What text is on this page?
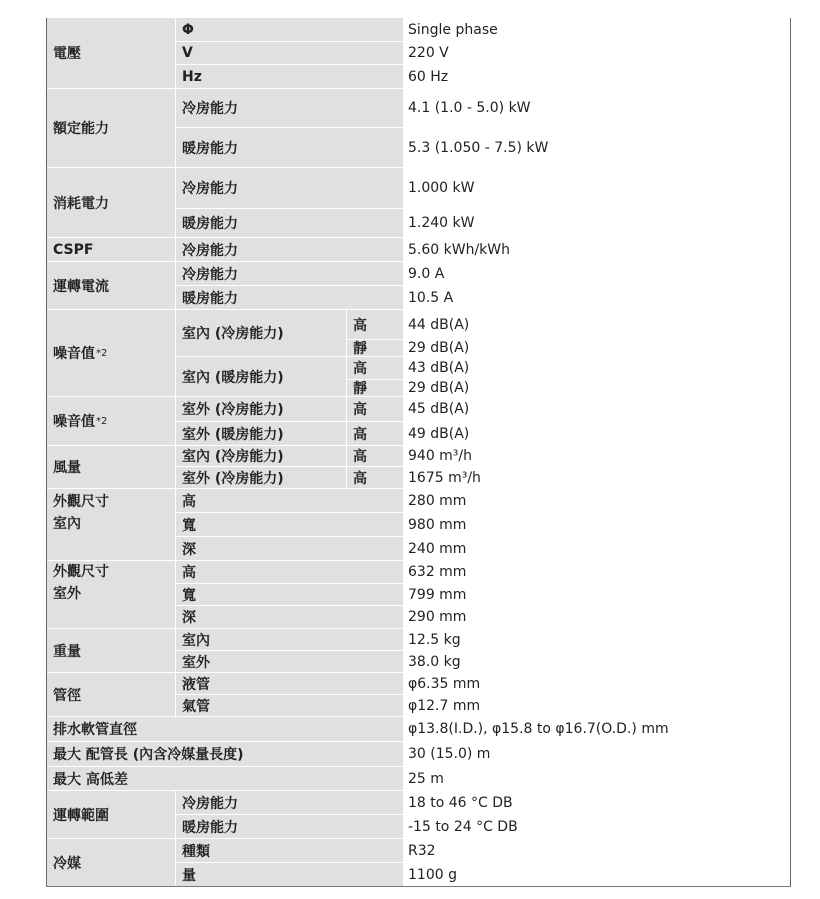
電壓
Φ	Single phase
V	220 V
Hz	60 Hz
額定能力
冷房能力	4.1 (1.0 - 5.0) kW
暖房能力	5.3 (1.050 - 7.5) kW
消耗電力
冷房能力	1.000 kW
暖房能力	1.240 kW
CSPF	冷房能力	5.60 kWh/kWh
運轉電流
冷房能力	9.0 A
暖房能力	10.5 A
噪音值 *2
室內 (冷房能力)
高	44 dB(A)
靜	29 dB(A)
室內 (暖房能力)
高	43 dB(A)
靜	29 dB(A)
噪音值 *2
室外 (冷房能力)	高	45 dB(A)
室外 (暖房能力)	高	49 dB(A)
風量
室內 (冷房能力)	高	940 m³/h
室外 (冷房能力)	高	1675 m³/h
外觀尺寸
室內
高	280 mm
寬	980 mm
深	240 mm
外觀尺寸
室外
高	632 mm
寬	799 mm
深	290 mm
重量
室內	12.5 kg
室外	38.0 kg
管徑
液管	φ6.35 mm
氣管	φ12.7 mm
排水軟管直徑	φ13.8(I.D.), φ15.8 to φ16.7(O.D.) mm
最大 配管長 (內含冷媒量長度)	30 (15.0) m
最大 高低差	25 m
運轉範圍
冷房能力	18 to 46 °C DB
暖房能力	-15 to 24 °C DB
冷媒
種類	R32
量	1100 g
